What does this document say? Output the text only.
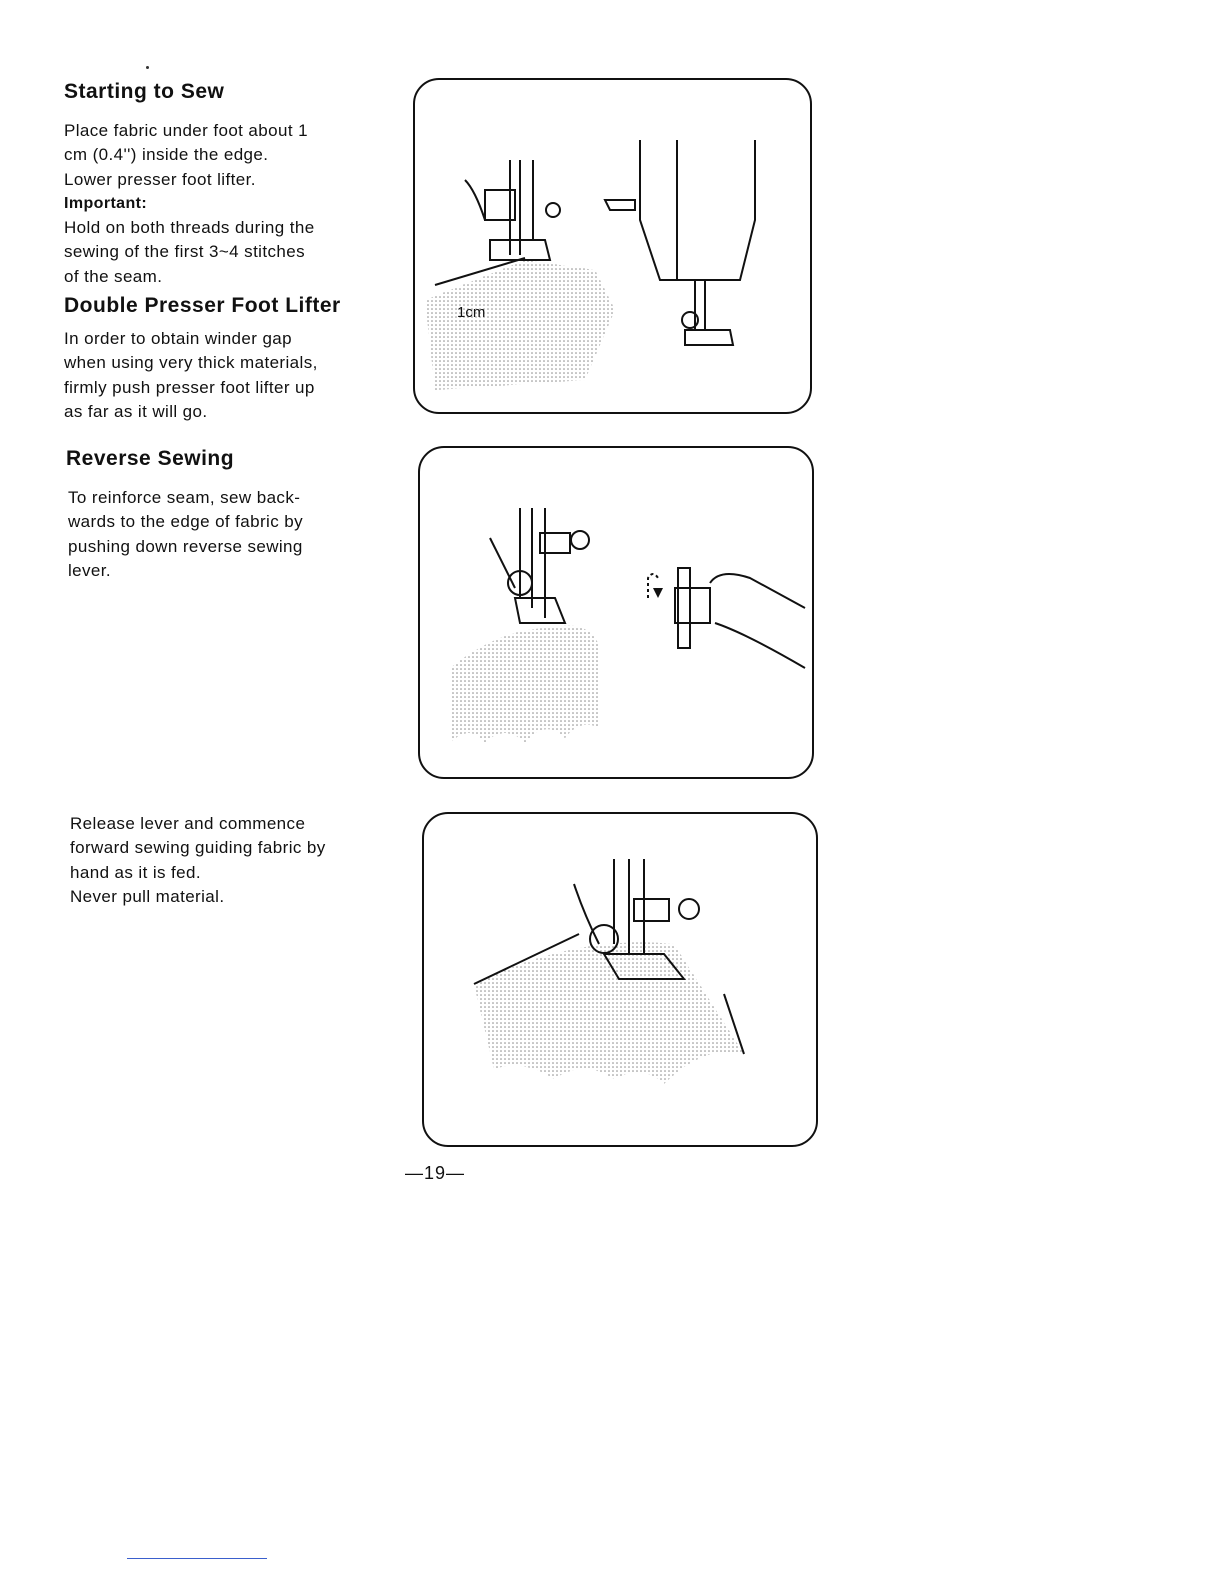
Starting to Sew
Place fabric under foot about 1
cm (0.4'') inside the edge.
Lower presser foot lifter.
Important:
Hold on both threads during the
sewing of the first 3~4 stitches
of the seam.
Double Presser Foot Lifter
In order to obtain winder gap
when using very thick materials,
firmly push presser foot lifter up
as far as it will go.
Reverse Sewing
To reinforce seam, sew back-
wards to the edge of fabric by
pushing down reverse sewing
lever.
Release lever and commence
forward sewing guiding fabric by
hand as it is fed.
Never pull material.
1cm
—19—
